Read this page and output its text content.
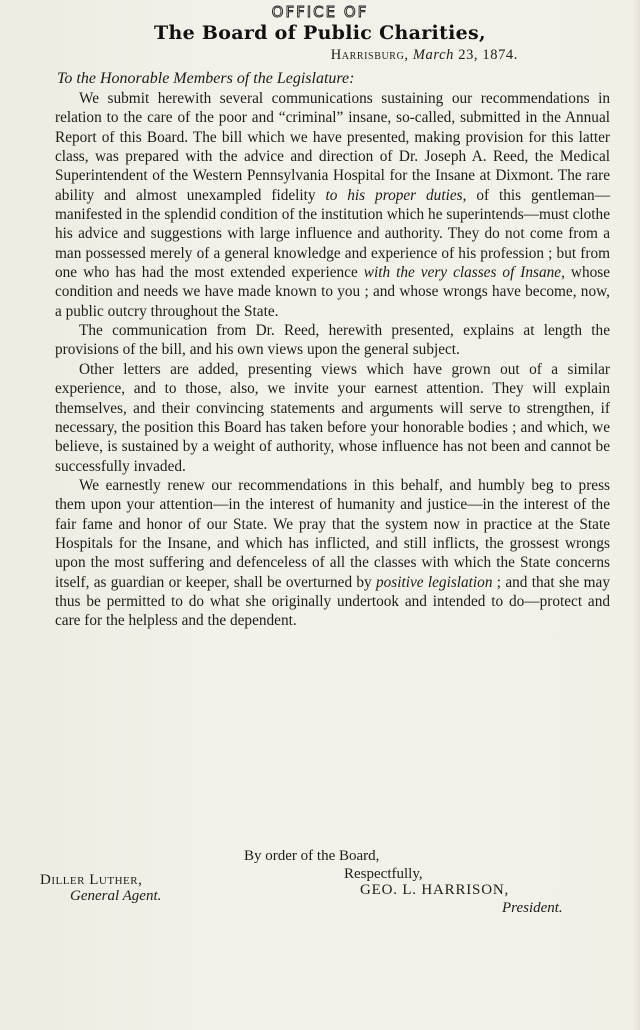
OFFICE OF
The Board of Public Charities,
Harrisburg, March 23, 1874.
To the Honorable Members of the Legislature:

We submit herewith several communications sustaining our recommendations in relation to the care of the poor and “criminal” insane, so-called, submitted in the Annual Report of this Board. The bill which we have presented, making provision for this latter class, was prepared with the advice and direction of Dr. Joseph A. Reed, the Medical Superintendent of the Western Pennsylvania Hospital for the Insane at Dixmont. The rare ability and almost unexampled fidelity to his proper duties, of this gentleman—manifested in the splendid condition of the institution which he superintends—must clothe his advice and suggestions with large influence and authority. They do not come from a man possessed merely of a general knowledge and experience of his profession ; but from one who has had the most extended experience with the very classes of Insane, whose condition and needs we have made known to you ; and whose wrongs have become, now, a public outcry throughout the State.

The communication from Dr. Reed, herewith presented, explains at length the provisions of the bill, and his own views upon the general subject.

Other letters are added, presenting views which have grown out of a similar experience, and to those, also, we invite your earnest attention. They will explain themselves, and their convincing statements and arguments will serve to strengthen, if necessary, the position this Board has taken before your honorable bodies ; and which, we believe, is sustained by a weight of authority, whose influence has not been and cannot be successfully invaded.

We earnestly renew our recommendations in this behalf, and humbly beg to press them upon your attention—in the interest of humanity and justice—in the interest of the fair fame and honor of our State. We pray that the system now in practice at the State Hospitals for the Insane, and which has inflicted, and still inflicts, the grossest wrongs upon the most suffering and defenceless of all the classes with which the State concerns itself, as guardian or keeper, shall be overturned by positive legislation ; and that she may thus be permitted to do what she originally undertook and intended to do—protect and care for the helpless and the dependent.

By order of the Board,
Respectfully,
Diller Luther,
GEO. L. HARRISON,
General Agent.
President.
